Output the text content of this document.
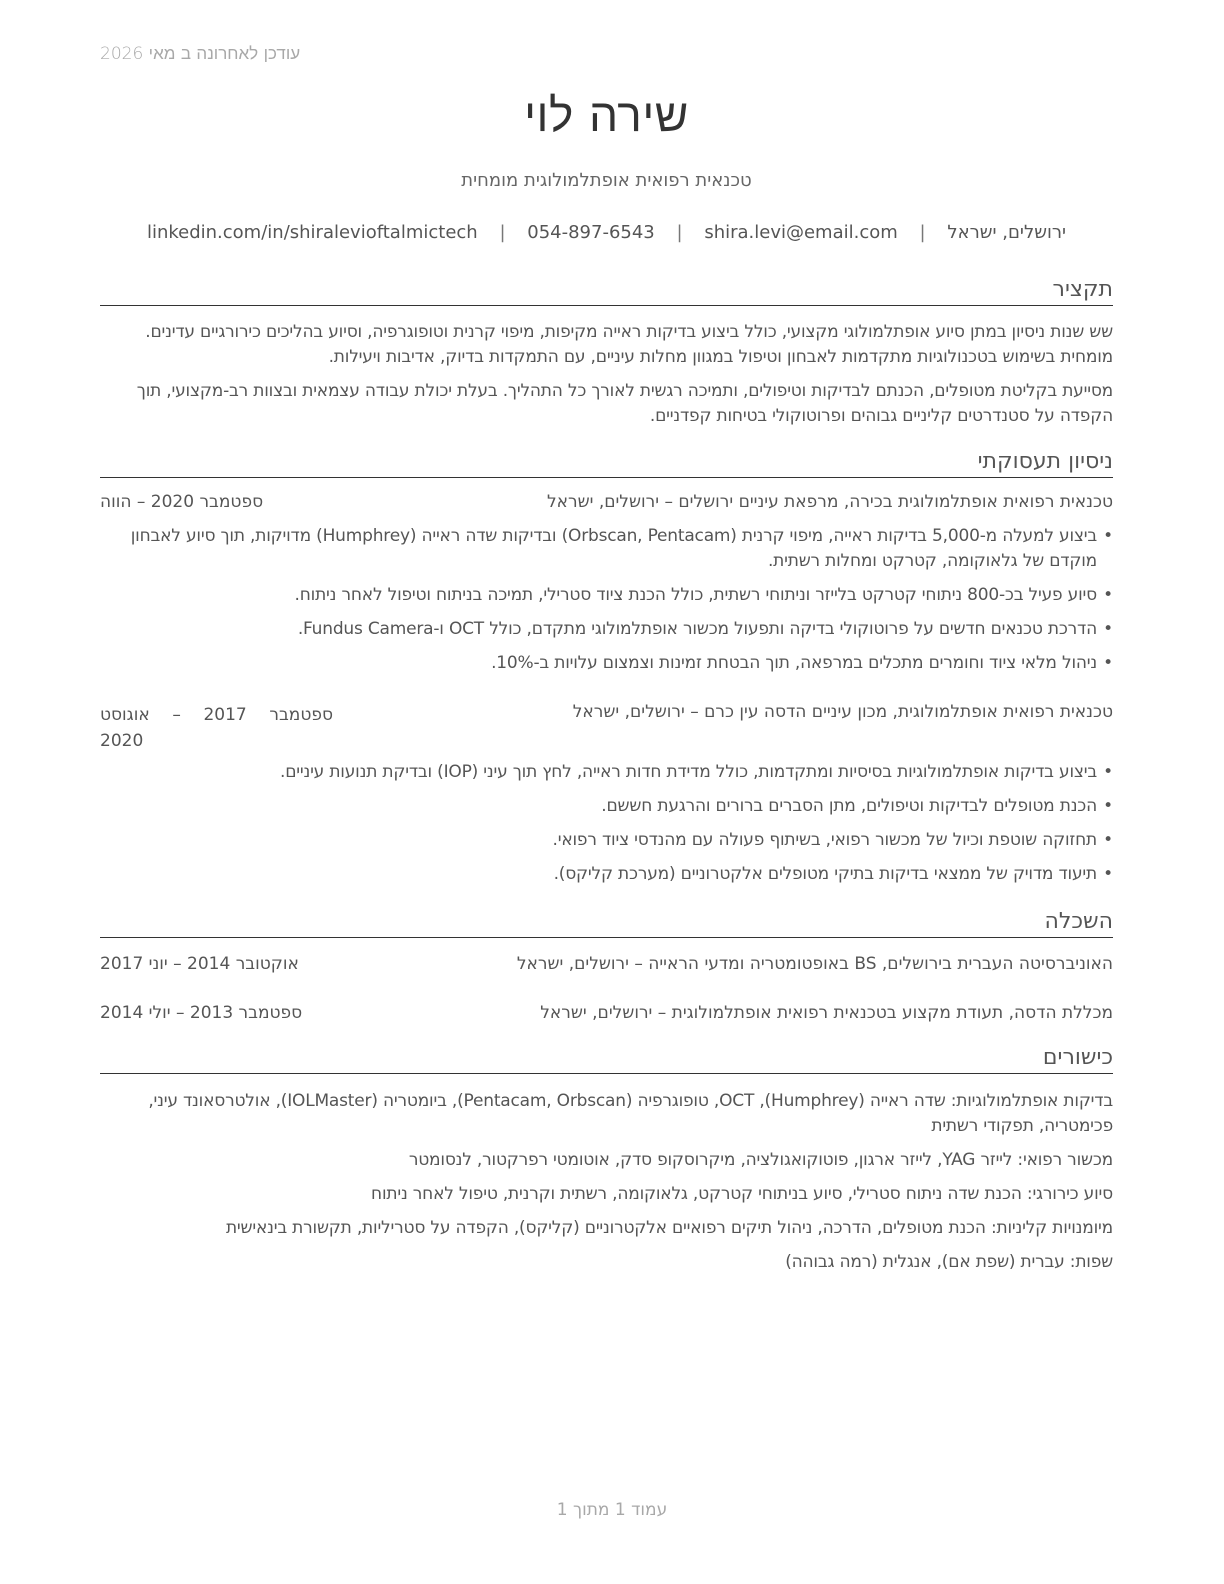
עודכן לאחרונה ב מאי 2026
שירה לוי
טכנאית רפואית אופתלמולוגית מומחית
ירושלים, ישראל | shira.levi@email.com | 054-897-6543 | linkedin.com/in/shiralevioftalmictech
תקציר

שש שנות ניסיון במתן סיוע אופתלמולוגי מקצועי, כולל ביצוע בדיקות ראייה מקיפות, מיפוי קרנית וטופוגרפיה, וסיוע בהליכים כירורגיים עדינים. מומחית בשימוש בטכנולוגיות מתקדמות לאבחון וטיפול במגוון מחלות עיניים, עם התמקדות בדיוק, אדיבות ויעילות.

מסייעת בקליטת מטופלים, הכנתם לבדיקות וטיפולים, ותמיכה רגשית לאורך כל התהליך. בעלת יכולת עבודה עצמאית ובצוות רב-מקצועי, תוך הקפדה על סטנדרטים קליניים גבוהים ופרוטוקולי בטיחות קפדניים.

ניסיון תעסוקתי
טכנאית רפואית אופתלמולוגית בכירה, מרפאת עיניים ירושלים – ירושלים, ישראל
ספטמבר 2020 – הווה
• ביצוע למעלה מ-5,000 בדיקות ראייה, מיפוי קרנית (Orbscan, Pentacam) ובדיקות שדה ראייה (Humphrey) מדויקות, תוך סיוע לאבחון מוקדם של גלאוקומה, קטרקט ומחלות רשתית.
• סיוע פעיל בכ-800 ניתוחי קטרקט בלייזר וניתוחי רשתית, כולל הכנת ציוד סטרילי, תמיכה בניתוח וטיפול לאחר ניתוח.
• הדרכת טכנאים חדשים על פרוטוקולי בדיקה ותפעול מכשור אופתלמולוגי מתקדם, כולל OCT ו-Fundus Camera.
• ניהול מלאי ציוד וחומרים מתכלים במרפאה, תוך הבטחת זמינות וצמצום עלויות ב-10%.
טכנאית רפואית אופתלמולוגית, מכון עיניים הדסה עין כרם – ירושלים, ישראל
ספטמבר 2017 – אוגוסט
2020
• ביצוע בדיקות אופתלמולוגיות בסיסיות ומתקדמות, כולל מדידת חדות ראייה, לחץ תוך עיני (IOP) ובדיקת תנועות עיניים.
• הכנת מטופלים לבדיקות וטיפולים, מתן הסברים ברורים והרגעת חששם.
• תחזוקה שוטפת וכיול של מכשור רפואי, בשיתוף פעולה עם מהנדסי ציוד רפואי.
• תיעוד מדויק של ממצאי בדיקות בתיקי מטופלים אלקטרוניים (מערכת קליקס).
השכלה
האוניברסיטה העברית בירושלים, BS באופטומטריה ומדעי הראייה – ירושלים, ישראל
אוקטובר 2014 – יוני 2017
מכללת הדסה, תעודת מקצוע בטכנאית רפואית אופתלמולוגית – ירושלים, ישראל
ספטמבר 2013 – יולי 2014
כישורים
בדיקות אופתלמולוגיות: שדה ראייה (Humphrey), OCT, טופוגרפיה (Pentacam, Orbscan), ביומטריה (IOLMaster), אולטרסאונד עיני, פכימטריה, תפקודי רשתית
מכשור רפואי: לייזר YAG, לייזר ארגון, פוטוקואגולציה, מיקרוסקופ סדק, אוטומטי רפרקטור, לנסומטר
סיוע כירורגי: הכנת שדה ניתוח סטרילי, סיוע בניתוחי קטרקט, גלאוקומה, רשתית וקרנית, טיפול לאחר ניתוח
מיומנויות קליניות: הכנת מטופלים, הדרכה, ניהול תיקים רפואיים אלקטרוניים (קליקס), הקפדה על סטריליות, תקשורת בינאישית
שפות: עברית (שפת אם), אנגלית (רמה גבוהה)
עמוד 1 מתוך 1
